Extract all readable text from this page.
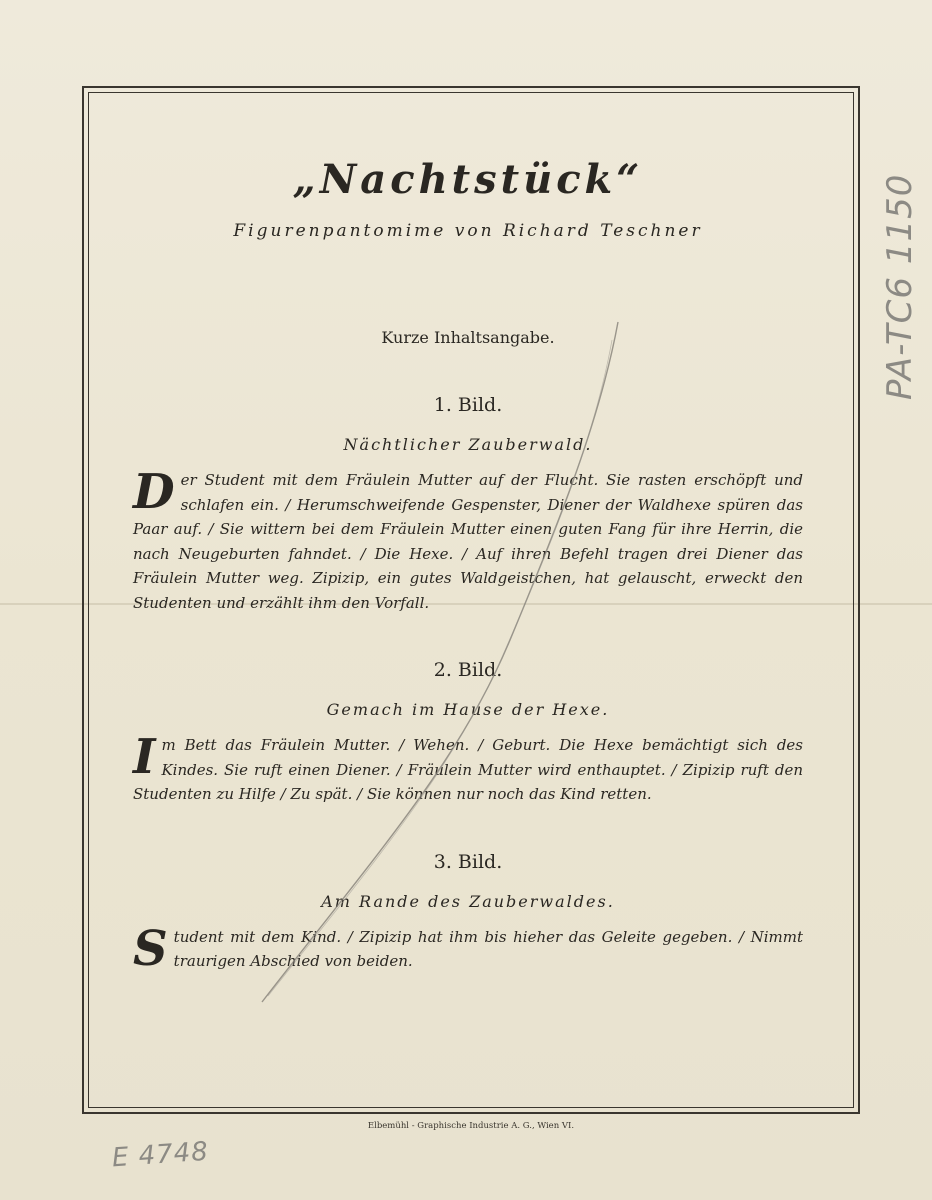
„Nachtstück“
Figurenpantomime von Richard Teschner
Kurze Inhaltsangabe.
1. Bild.
Nächtlicher Zauberwald.
Der Student mit dem Fräulein Mutter auf der Flucht. Sie rasten erschöpft und schlafen ein. / Herumschweifende Gespenster, Diener der Waldhexe spüren das Paar auf. / Sie wittern bei dem Fräulein Mutter einen guten Fang für ihre Herrin, die nach Neugeburten fahndet. / Die Hexe. / Auf ihren Befehl tragen drei Diener das Fräulein Mutter weg. Zipizip, ein gutes Waldgeistchen, hat gelauscht, erweckt den Studenten und erzählt ihm den Vorfall.
2. Bild.
Gemach im Hause der Hexe.
Im Bett das Fräulein Mutter. / Wehen. / Geburt. Die Hexe bemächtigt sich des Kindes. Sie ruft einen Diener. / Fräulein Mutter wird enthauptet. / Zipizip ruft den Studenten zu Hilfe / Zu spät. / Sie können nur noch das Kind retten.
3. Bild.
Am Rande des Zauberwaldes.
Student mit dem Kind. / Zipizip hat ihm bis hieher das Geleite gegeben. / Nimmt traurigen Abschied von beiden.
Elbemühl - Graphische Industrie A. G., Wien VI.
PA-TC6 1150
E 4748
